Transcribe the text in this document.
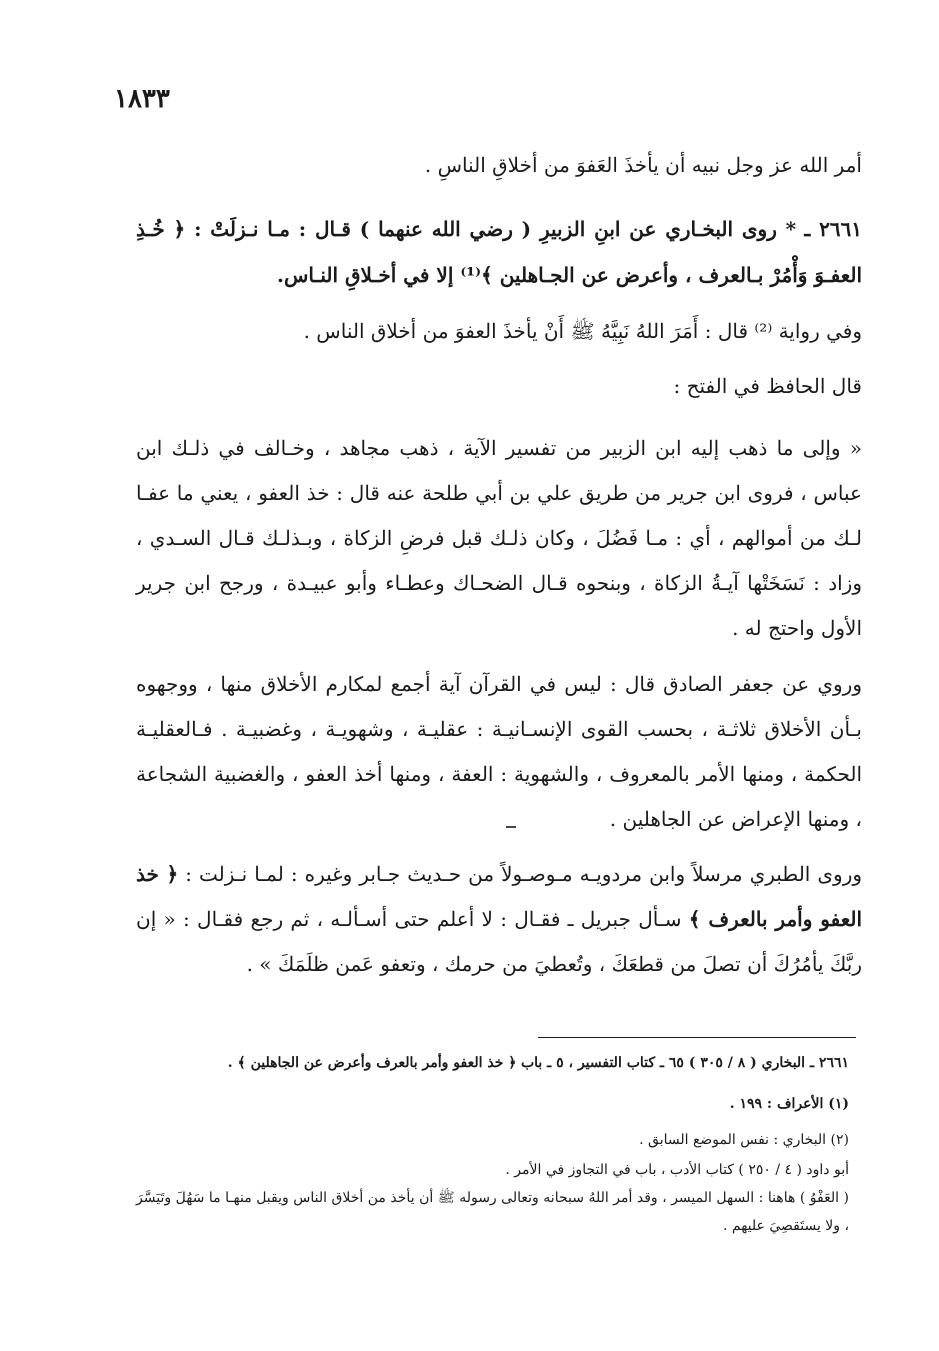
١٨٣٣

أمر الله عز وجل نبيه أن يأخذَ العَفوَ من أخلاقِ الناسِ .

٢٦٦١ ـ * روى البخـاري عن ابنِ الزبيرِ ( رضي الله عنهما ) قـال : مـا نـزلَتْ : ﴿ خُـذِ العفـوَ وَأْمُرْ بـالعرف ، وأعرض عن الجـاهلين ﴾⁽¹⁾ إلا في أخـلاقِ النـاس.

وفي رواية ⁽²⁾ قال : أَمَرَ اللهُ نَبِيَّهُ ﷺ أَنْ يأخذَ العفوَ من أخلاق الناس .

قال الحافظ في الفتح :

« وإلى ما ذهب إليه ابن الزبير من تفسير الآية ، ذهب مجاهد ، وخـالف في ذلـك ابن عباس ، فروى ابن جرير من طريق علي بن أبي طلحة عنه قال : خذ العفو ، يعني ما عفـا لـك من أموالهم ، أي : مـا فَضُلَ ، وكان ذلـك قبل فرضِ الزكاة ، وبـذلـك قـال السـدي ، وزاد : نَسَخَتْها آيـةُ الزكاة ، وبنحوه قـال الضحـاك وعطـاء وأبو عبيـدة ، ورجح ابن جرير الأول واحتج له .

وروي عن جعفر الصادق قال : ليس في القرآن آية أجمع لمكارم الأخلاق منها ، ووجهوه بـأن الأخلاق ثلاثـة ، بحسب القوى الإنسـانيـة : عقليـة ، وشهويـة ، وغضبيـة . فـالعقليـة الحكمة ، ومنها الأمر بالمعروف ، والشهوية : العفة ، ومنها أخذ العفو ، والغضبية الشجاعة ، ومنها الإعراض عن الجاهلين .

وروى الطبري مرسلاً وابن مردويـه مـوصـولاً من حـديث جـابر وغيره : لمـا نـزلت : ﴿ خذ العفو وأمر بالعرف ﴾ سـأل جبريل ـ فقـال : لا أعلم حتى أسـألـه ، ثم رجع فقـال : « إن ربَّكَ يأمُرُكَ أن تصلَ من قطعَكَ ، وتُعطيَ من حرمك ، وتعفو عَمن ظلَمَكَ » .

٢٦٦١ ـ البخاري ( ٨ / ٣٠٥ ) ٦٥ ـ كتاب التفسير ، ٥ ـ باب ﴿ خذ العفو وأمر بالعرف وأعرض عن الجاهلين ﴾ .

(١) الأعراف : ١٩٩ .

(٢) البخاري : نفس الموضع السابق .

أبو داود ( ٤ / ٢٥٠ ) كتاب الأدب ، باب في التجاوز في الأمر .

( العَفْوُ ) هاهنا : السهل الميسر ، وقد أمر اللهُ سبحانه وتعالى رسوله ﷺ أن يأخذ من أخلاق الناس ويقبل منهـا ما سَهُلَ وتَيَسَّرَ ، ولا يستَقصِيَ عليهم .
